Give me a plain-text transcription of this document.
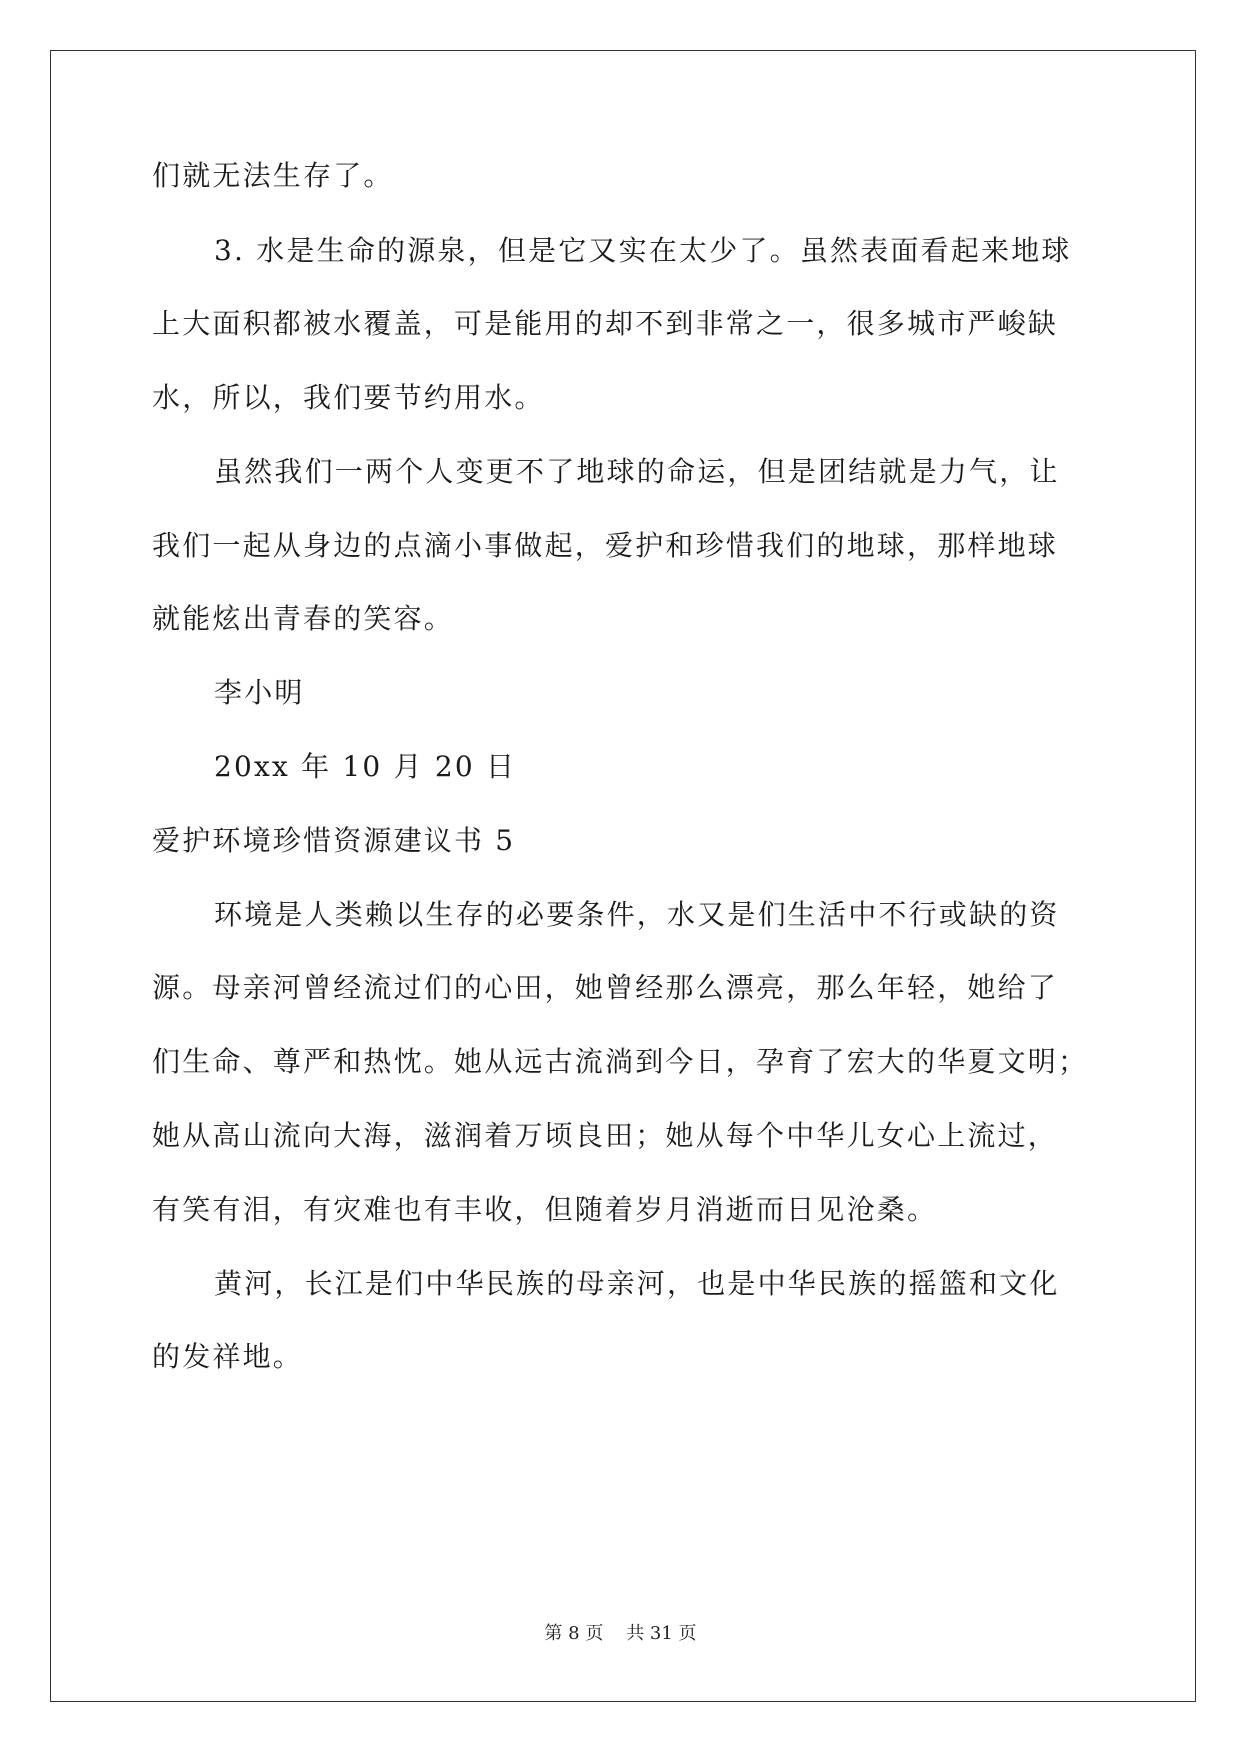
们就无法生存了。
3. 水是生命的源泉，但是它又实在太少了。虽然表面看起来地球
上大面积都被水覆盖，可是能用的却不到非常之一，很多城市严峻缺
水，所以，我们要节约用水。
虽然我们一两个人变更不了地球的命运，但是团结就是力气，让
我们一起从身边的点滴小事做起，爱护和珍惜我们的地球，那样地球
就能炫出青春的笑容。
李小明
20xx 年 10 月 20 日
爱护环境珍惜资源建议书 5
环境是人类赖以生存的必要条件，水又是们生活中不行或缺的资
源。母亲河曾经流过们的心田，她曾经那么漂亮，那么年轻，她给了
们生命、尊严和热忱。她从远古流淌到今日，孕育了宏大的华夏文明；
她从高山流向大海，滋润着万顷良田；她从每个中华儿女心上流过，
有笑有泪，有灾难也有丰收，但随着岁月消逝而日见沧桑。
黄河，长江是们中华民族的母亲河，也是中华民族的摇篮和文化
的发祥地。
第 8 页    共 31 页
